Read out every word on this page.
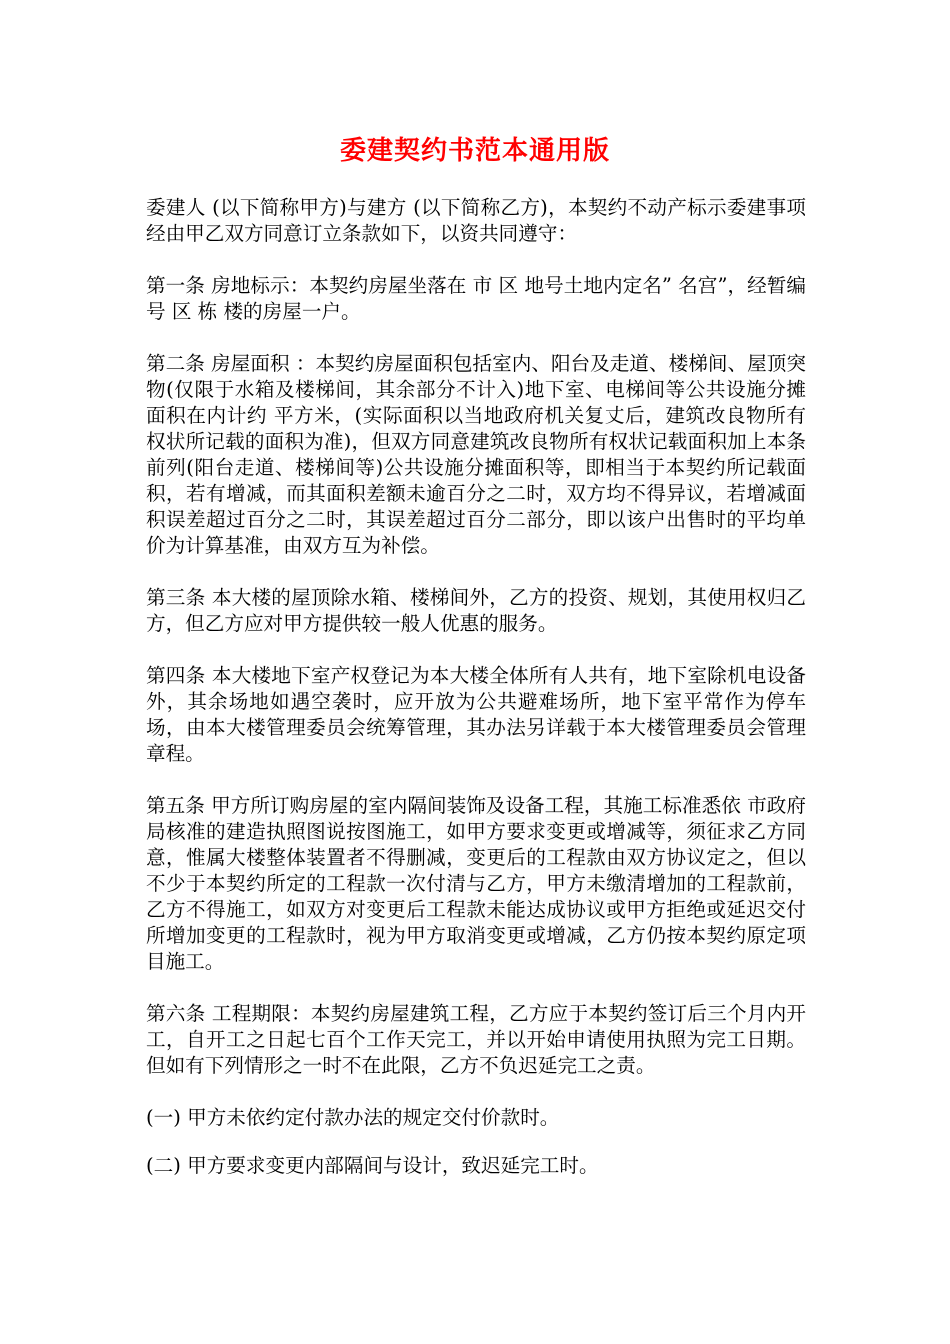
委建契约书范本通用版

委建人 (以下简称甲方)与建方 (以下简称乙方)，本契约不动产标示委建事项经由甲乙双方同意订立条款如下，以资共同遵守：

第一条 房地标示：本契约房屋坐落在 市 区 地号土地内定名” 名宫”，经暂编号 区 栋 楼的房屋一户。

第二条 房屋面积 ：本契约房屋面积包括室内、阳台及走道、楼梯间、屋顶突物(仅限于水箱及楼梯间，其余部分不计入)地下室、电梯间等公共设施分摊面积在内计约 平方米，(实际面积以当地政府机关复丈后，建筑改良物所有权状所记载的面积为准)，但双方同意建筑改良物所有权状记载面积加上本条前列(阳台走道、楼梯间等)公共设施分摊面积等，即相当于本契约所记载面积，若有增减，而其面积差额未逾百分之二时，双方均不得异议，若增减面积误差超过百分之二时，其误差超过百分二部分，即以该户出售时的平均单价为计算基准，由双方互为补偿。

第三条 本大楼的屋顶除水箱、楼梯间外，乙方的投资、规划，其使用权归乙方，但乙方应对甲方提供较一般人优惠的服务。

第四条 本大楼地下室产权登记为本大楼全体所有人共有，地下室除机电设备外，其余场地如遇空袭时，应开放为公共避难场所，地下室平常作为停车场，由本大楼管理委员会统筹管理，其办法另详载于本大楼管理委员会管理章程。

第五条 甲方所订购房屋的室内隔间装饰及设备工程，其施工标准悉依 市政府 局核准的建造执照图说按图施工，如甲方要求变更或增减等，须征求乙方同意，惟属大楼整体装置者不得删减，变更后的工程款由双方协议定之，但以不少于本契约所定的工程款一次付清与乙方，甲方未缴清增加的工程款前，乙方不得施工，如双方对变更后工程款未能达成协议或甲方拒绝或延迟交付所增加变更的工程款时，视为甲方取消变更或增减，乙方仍按本契约原定项目施工。

第六条 工程期限：本契约房屋建筑工程，乙方应于本契约签订后三个月内开工，自开工之日起七百个工作天完工，并以开始申请使用执照为完工日期。但如有下列情形之一时不在此限，乙方不负迟延完工之责。

(一) 甲方未依约定付款办法的规定交付价款时。

(二) 甲方要求变更内部隔间与设计，致迟延完工时。
